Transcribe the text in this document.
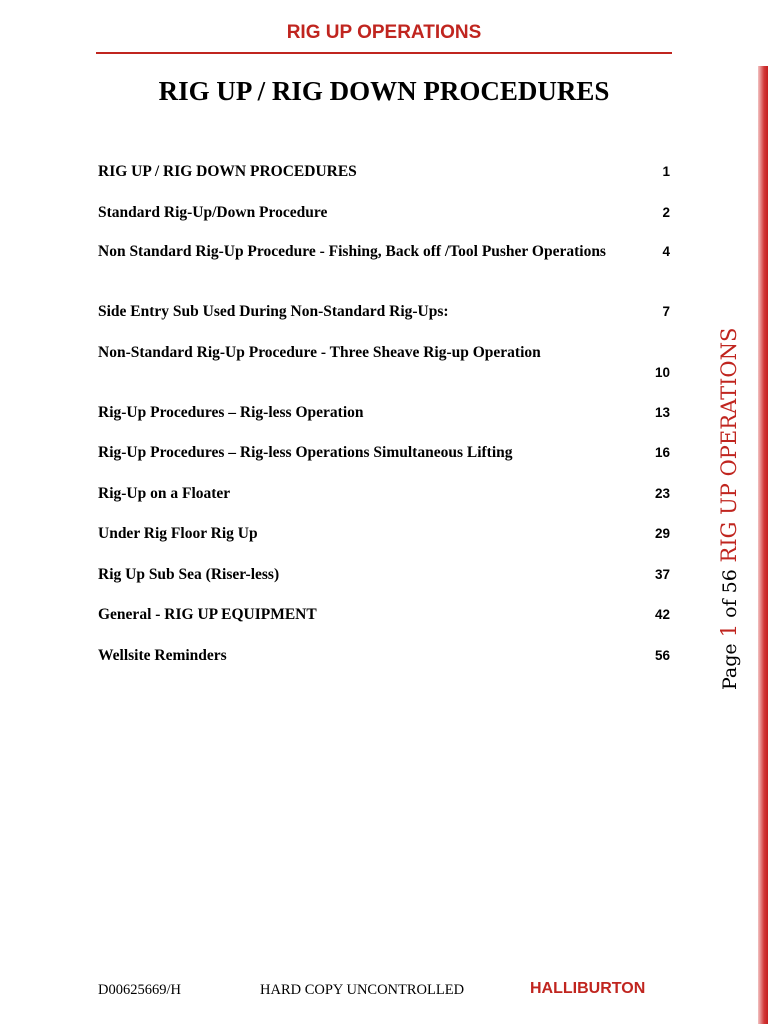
RIG UP OPERATIONS
RIG UP / RIG DOWN PROCEDURES
RIG UP / RIG DOWN PROCEDURES	1
Standard Rig-Up/Down Procedure	2
Non Standard Rig-Up Procedure - Fishing, Back off /Tool Pusher Operations	4
Side Entry Sub Used During Non-Standard Rig-Ups:	7
Non-Standard Rig-Up Procedure - Three Sheave Rig-up Operation
10
Rig-Up Procedures – Rig-less Operation	13
Rig-Up Procedures – Rig-less Operations Simultaneous Lifting	16
Rig-Up on a Floater	23
Under Rig Floor Rig Up	29
Rig Up Sub Sea (Riser-less)	37
General - RIG UP EQUIPMENT	42
Wellsite Reminders	56	Page 1 of 56 RIG UP OPERATIONS
D00625669/H	HARD COPY UNCONTROLLED	HALLIBURTON
